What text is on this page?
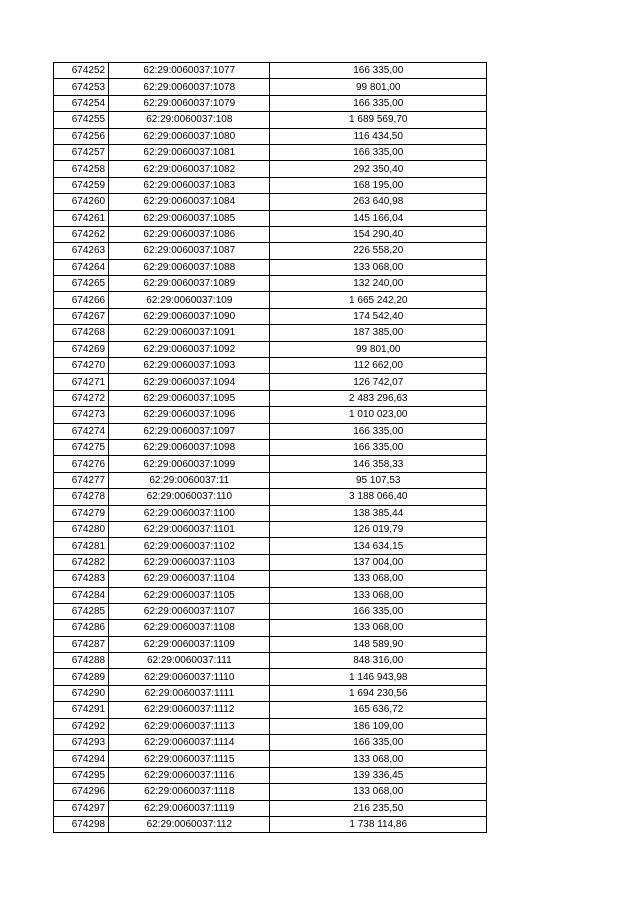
674252	62:29:0060037:1077	166 335,00
674253	62:29:0060037:1078	99 801,00
674254	62:29:0060037:1079	166 335,00
674255	62:29:0060037:108	1 689 569,70
674256	62:29:0060037:1080	116 434,50
674257	62:29:0060037:1081	166 335,00
674258	62:29:0060037:1082	292 350,40
674259	62:29:0060037:1083	168 195,00
674260	62:29:0060037:1084	263 640,98
674261	62:29:0060037:1085	145 166,04
674262	62:29:0060037:1086	154 290,40
674263	62:29:0060037:1087	226 558,20
674264	62:29:0060037:1088	133 068,00
674265	62:29:0060037:1089	132 240,00
674266	62:29:0060037:109	1 665 242,20
674267	62:29:0060037:1090	174 542,40
674268	62:29:0060037:1091	187 385,00
674269	62:29:0060037:1092	99 801,00
674270	62:29:0060037:1093	112 662,00
674271	62:29:0060037:1094	126 742,07
674272	62:29:0060037:1095	2 483 296,63
674273	62:29:0060037:1096	1 010 023,00
674274	62:29:0060037:1097	166 335,00
674275	62:29:0060037:1098	166 335,00
674276	62:29:0060037:1099	146 358,33
674277	62:29:0060037:11	95 107,53
674278	62:29:0060037:110	3 188 066,40
674279	62:29:0060037:1100	138 385,44
674280	62:29:0060037:1101	126 019,79
674281	62:29:0060037:1102	134 634,15
674282	62:29:0060037:1103	137 004,00
674283	62:29:0060037:1104	133 068,00
674284	62:29:0060037:1105	133 068,00
674285	62:29:0060037:1107	166 335,00
674286	62:29:0060037:1108	133 068,00
674287	62:29:0060037:1109	148 589,90
674288	62:29:0060037:111	848 316,00
674289	62:29:0060037:1110	1 146 943,98
674290	62:29:0060037:1111	1 694 230,56
674291	62:29:0060037:1112	165 636,72
674292	62:29:0060037:1113	186 109,00
674293	62:29:0060037:1114	166 335,00
674294	62:29:0060037:1115	133 068,00
674295	62:29:0060037:1116	139 336,45
674296	62:29:0060037:1118	133 068,00
674297	62:29:0060037:1119	216 235,50
674298	62:29:0060037:112	1 738 114,86
